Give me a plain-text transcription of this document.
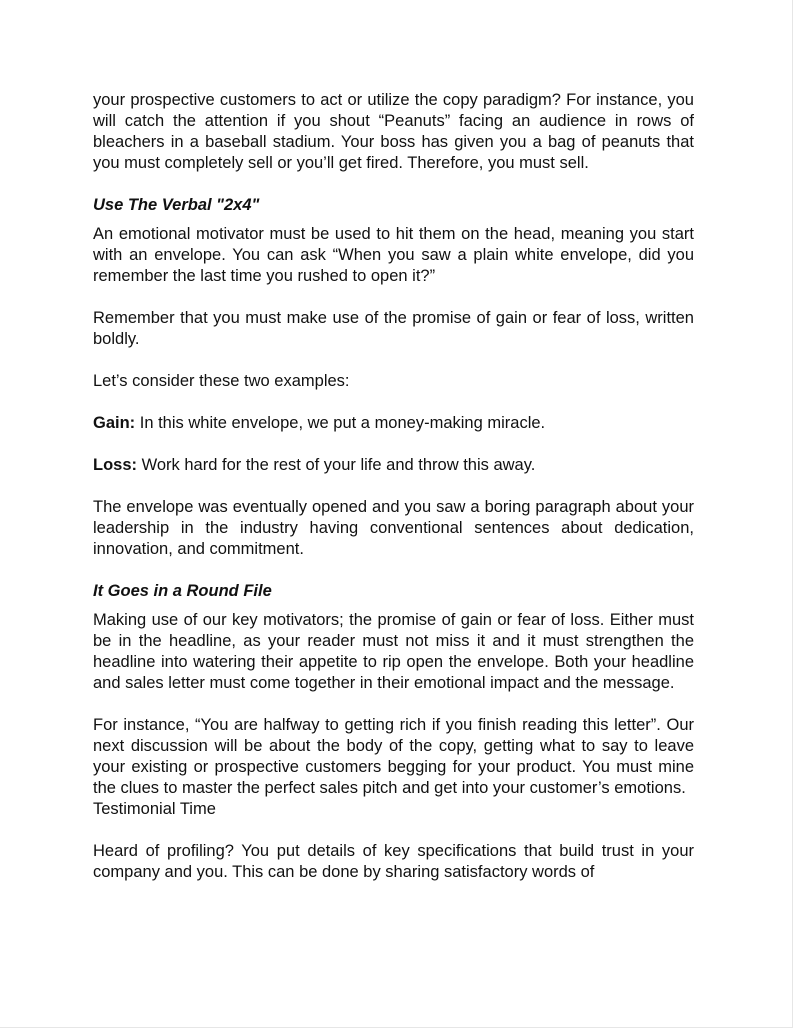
your prospective customers to act or utilize the copy paradigm? For instance, you will catch the attention if you shout “Peanuts” facing an audience in rows of bleachers in a baseball stadium. Your boss has given you a bag of peanuts that you must completely sell or you’ll get fired. Therefore, you must sell.

Use The Verbal "2x4"

An emotional motivator must be used to hit them on the head, meaning you start with an envelope. You can ask “When you saw a plain white envelope, did you remember the last time you rushed to open it?”

Remember that you must make use of the promise of gain or fear of loss, written boldly.

Let’s consider these two examples:

Gain: In this white envelope, we put a money-making miracle.

Loss: Work hard for the rest of your life and throw this away.

The envelope was eventually opened and you saw a boring paragraph about your leadership in the industry having conventional sentences about dedication, innovation, and commitment.

It Goes in a Round File

Making use of our key motivators; the promise of gain or fear of loss. Either must be in the headline, as your reader must not miss it and it must strengthen the headline into watering their appetite to rip open the envelope. Both your headline and sales letter must come together in their emotional impact and the message.

For instance, “You are halfway to getting rich if you finish reading this letter”. Our next discussion will be about the body of the copy, getting what to say to leave your existing or prospective customers begging for your product. You must mine the clues to master the perfect sales pitch and get into your customer’s emotions.

Testimonial Time

Heard of profiling? You put details of key specifications that build trust in your company and you. This can be done by sharing satisfactory words of
